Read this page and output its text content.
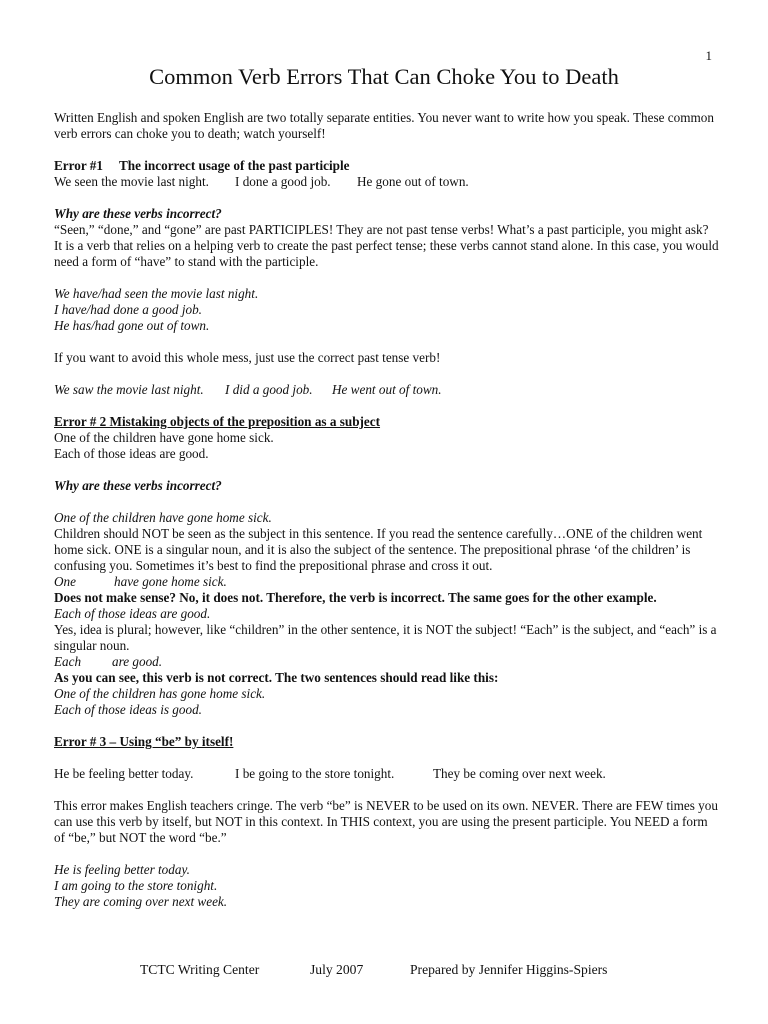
1
Common Verb Errors That Can Choke You to Death

Written English and spoken English are two totally separate entities. You never want to write how you speak. These common verb errors can choke you to death; watch yourself!

Error #1 The incorrect usage of the past participle

We seen the movie last night. I done a good job. He gone out of town.

Why are these verbs incorrect?

“Seen,” “done,” and “gone” are past PARTICIPLES! They are not past tense verbs! What’s a past participle, you might ask? It is a verb that relies on a helping verb to create the past perfect tense; these verbs cannot stand alone. In this case, you would need a form of “have” to stand with the participle.

We have/had seen the movie last night.

I have/had done a good job.

He has/had gone out of town.

If you want to avoid this whole mess, just use the correct past tense verb!

We saw the movie last night. I did a good job. He went out of town.

Error # 2 Mistaking objects of the preposition as a subject

One of the children have gone home sick.

Each of those ideas are good.

Why are these verbs incorrect?

One of the children have gone home sick.

Children should NOT be seen as the subject in this sentence. If you read the sentence carefully…ONE of the children went home sick. ONE is a singular noun, and it is also the subject of the sentence. The prepositional phrase ‘of the children’ is confusing you. Sometimes it’s best to find the prepositional phrase and cross it out.

One	have gone home sick.

Does not make sense? No, it does not. Therefore, the verb is incorrect. The same goes for the other example.

Each of those ideas are good.

Yes, idea is plural; however, like “children” in the other sentence, it is NOT the subject! “Each” is the subject, and “each” is a singular noun.

Each are good.

As you can see, this verb is not correct. The two sentences should read like this:

One of the children has gone home sick.

Each of those ideas is good.

Error # 3 – Using “be” by itself!

He be feeling better today.	I be going to the store tonight.	They be coming over next week.

This error makes English teachers cringe. The verb “be” is NEVER to be used on its own. NEVER. There are FEW times you can use this verb by itself, but NOT in this context. In THIS context, you are using the present participle. You NEED a form of “be,” but NOT the word “be.”

He is feeling better today.

I am going to the store tonight.

They are coming over next week.

TCTC Writing Center	July 2007	Prepared by Jennifer Higgins-Spiers
